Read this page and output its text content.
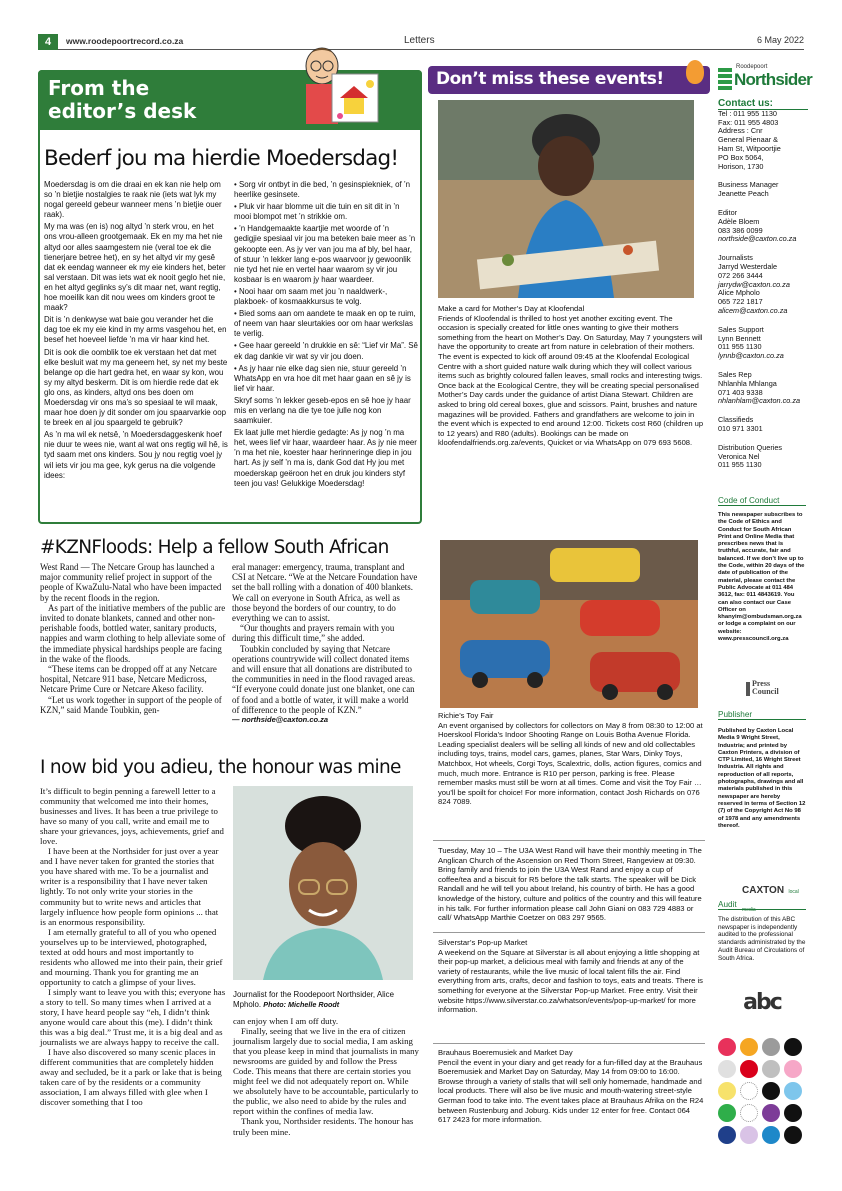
4	www.roodepoortrecord.co.za	Letters	6 May 2022
From the editor’s desk
Bederf jou ma hierdie Moedersdag!

Moedersdag is om die draai en ek kan nie help om so ’n bietjie nostalgies te raak nie (iets wat lyk my nogal gereeld gebeur wanneer mens ’n bietjie ouer raak).

My ma was (en is) nog altyd ’n sterk vrou, en het ons vrou-alleen grootgemaak. Ek en my ma het nie altyd oor alles saamgestem nie (veral toe ek die tienerjare betree het), en sy het altyd vir my gesê dat ek eendag wanneer ek my eie kinders het, beter sal verstaan. Dit was iets wat ek nooit geglo het nie, en het altyd geglinks sy’s dit maar net, want regtig, hoe moeilik kan dit nou wees om kinders groot te maak?

Dit is ’n denkwyse wat baie gou verander het die dag toe ek my eie kind in my arms vasgehou het, en besef het hoeveel liefde ’n ma vir haar kind het.

Dit is ook die oomblik toe ek verstaan het dat met elke besluit wat my ma geneem het, sy net my beste belange op die hart gedra het, en waar sy kon, wou sy my altyd beskerm. Dit is om hierdie rede dat ek glo ons, as kinders, altyd ons bes doen om Moedersdag vir ons ma’s so spesiaal te wil maak, maar hoe doen jy dit sonder om jou spaarvarkie oop te breek en al jou spaargeld te gebruik?

As ’n ma wil ek netsê, ’n Moedersdaggeskenk hoef nie duur te wees nie, want al wat ons regtig wil hê, is tyd saam met ons kinders. Sou jy nou regtig voel jy wil iets vir jou ma gee, kyk gerus na die volgende idees:

• Sorg vir ontbyt in die bed, ’n gesinspiekniek, of ’n heerlike gesinsete.

• Pluk vir haar blomme uit die tuin en sit dit in ’n mooi blompot met ’n strikkie om.

• ’n Handgemaakte kaartjie met woorde of ’n gedigjie spesiaal vir jou ma beteken baie meer as ’n gekoopte een. As jy ver van jou ma af bly, bel haar, of stuur ’n lekker lang e-pos waarvoor jy gewoonlik nie tyd het nie en vertel haar waarom sy vir jou kosbaar is en waarom jy haar waardeer.

• Nooi haar om saam met jou ’n naaldwerk-, plakboek- of kosmaakkursus te volg.

• Bied soms aan om aandete te maak en op te ruim, of neem van haar sleurtakies oor om haar werkslas te verlig.

• Gee haar gereeld ’n drukkie en sê: “Lief vir Ma”. Sê ek dag dankie vir wat sy vir jou doen.

• As jy haar nie elke dag sien nie, stuur gereeld ’n WhatsApp en vra hoe dit met haar gaan en sê jy is lief vir haar.

Skryf soms ’n lekker geseb-epos en sê hoe jy haar mis en verlang na die tye toe julle nog kon saamkuier.

Ek laat julle met hierdie gedagte: As jy nog ’n ma het, wees lief vir haar, waardeer haar. As jy nie meer ’n ma het nie, koester haar herinneringe diep in jou hart. As jy self ’n ma is, dank God dat Hy jou met moederskap geëroon het en druk jou kinders styf teen jou vas! Gelukkige Moedersdag!

#KZNFloods: Help a fellow South African

West Rand — The Netcare Group has launched a major community relief project in support of the people of KwaZulu-Natal who have been impacted by the recent floods in the region.

As part of the initiative members of the public are invited to donate blankets, canned and other non-perishable foods, bottled water, sanitary products, nappies and warm clothing to help alleviate some of the immediate physical hardships people are facing in the wake of the floods.

“These items can be dropped off at any Netcare hospital, Netcare 911 base, Netcare Medicross, Netcare Prime Cure or Netcare Akeso facility.

“Let us work together in support of the people of KZN,” said Mande Toubkin, gen-

eral manager: emergency, trauma, transplant and CSI at Netcare. “We at the Netcare Foundation have set the ball rolling with a donation of 400 blankets. We call on everyone in South Africa, as well as those beyond the borders of our country, to do everything we can to assist.

“Our thoughts and prayers remain with you during this difficult time,” she added.

Toubkin concluded by saying that Netcare operations countrywide will collect donated items and will ensure that all donations are distributed to the communities in need in the flood ravaged areas. “If everyone could donate just one blanket, one can of food and a bottle of water, it will make a world of difference to the people of KZN.”

— northside@caxton.co.za

I now bid you adieu, the honour was mine

It’s difficult to begin penning a farewell letter to a community that welcomed me into their homes, businesses and lives. It has been a true privilege to have so many of you call, write and email me to share your grievances, joys, achievements, grief and love.

I have been at the Northsider for just over a year and I have never taken for granted the stories that you have shared with me. To be a journalist and writer is a responsibility that I have never taken lightly. To not only write your stories in the community but to write news and articles that largely influence how people form opinions ... that is an enormous responsibility.

I am eternally grateful to all of you who opened yourselves up to be interviewed, photographed, texted at odd hours and most importantly to residents who allowed me into their pain, their grief and mourning. Thank you for granting me an opportunity to catch a glimpse of your lives.

I simply want to leave you with this; everyone has a story to tell. So many times when I arrived at a story, I have heard people say “eh, I didn’t think anyone would care about this (me). I didn’t think this was a big deal.” Trust me, it is a big deal and as journalists we are always happy to receive the call.

I have also discovered so many scenic places in different communities that are completely hidden away and secluded, be it a park or lake that is being taken care of by the residents or a community association, I am always filled with glee when I discover something that I too

Journalist for the Roodepoort Northsider, Alice Mpholo. Photo: Michelle Roodt

can enjoy when I am off duty.

Finally, seeing that we live in the era of citizen journalism largely due to social media, I am asking that you please keep in mind that journalists in many newsrooms are guided by and follow the Press Code. This means that there are certain stories you might feel we did not adequately report on. While we absolutely have to be accountable, particularly to the public, we also need to abide by the rules and report within the confines of media law.

Thank you, Northsider residents. The honour has truly been mine.

Don’t miss these events!
Make a card for Mother’s Day at Kloofendal
Friends of Kloofendal is thrilled to host yet another exciting event. The occasion is specially created for little ones wanting to give their mothers something from the heart on Mother’s Day. On Saturday, May 7 youngsters will have the opportunity to create art from nature in celebration of their mothers. The event is expected to kick off around 09:45 at the Kloofendal Ecological Centre with a short guided nature walk during which they will collect various items such as brightly coloured fallen leaves, small rocks and interesting twigs. Once back at the Ecological Centre, they will be creating special personalised Mother’s Day cards under the guidance of artist Diana Stewart. Children are asked to bring old cereal boxes, glue and scissors. Paint, brushes and nature magazines will be provided. Fathers and grandfathers are welcome to join in the event which is expected to end around 12:00. Tickets cost R60 (children up to 12 years) and R80 (adults). Bookings can be made on kloofendalfriends.org.za/events, Quicket or via WhatsApp on 079 693 5608.
Richie’s Toy Fair
An event organised by collectors for collectors on May 8 from 08:30 to 12:00 at Hoerskool Florida’s Indoor Shooting Range on Louis Botha Avenue Florida. Leading specialist dealers will be selling all kinds of new and old collectables including toys, trains, model cars, games, planes, Star Wars, Dinky Toys, Matchbox, Hot wheels, Corgi Toys, Scalextric, dolls, action figures, comics and much, much more. Entrance is R10 per person, parking is free. Please remember masks must still be worn at all times. Come and visit the Toy Fair … you’ll be spoilt for choice! For more information, contact Josh Richards on 076 824 7089.
Tuesday, May 10 – The U3A West Rand will have their monthly meeting in The Anglican Church of the Ascension on Red Thorn Street, Rangeview at 09:30. Bring family and friends to join the U3A West Rand and enjoy a cup of coffee/tea and a biscuit for R5 before the talk starts. The speaker will be Dick Randall and he will tell you about Ireland, his country of birth. He has a good knowledge of the history, culture and politics of the country and this will feature in his talk. For further information please call John Giani on 083 729 4883 or call/ WhatsApp Marthie Coetzer on 083 297 9565.
Silverstar’s Pop-up Market
A weekend on the Square at Silverstar is all about enjoying a little shopping at their pop-up market, a delicious meal with family and friends at any of the variety of restaurants, while the live music of local talent fills the air. Find everything from arts, crafts, decor and fashion to toys, eats and treats. There is something for everyone at the Silverstar Pop-up Market. Free entry. Visit their website https://www.silverstar.co.za/whatson/events/pop-up-market/ for more information.
Brauhaus Boeremusiek and Market Day
Pencil the event in your diary and get ready for a fun-filled day at the Brauhaus Boeremusiek and Market Day on Saturday, May 14 from 09:00 to 16:00. Browse through a variety of stalls that will sell only homemade, handmade and local products. There will also be live music and mouth-watering street-style German food to take into. The event takes place at Brauhaus Afrika on the R24 between Rustenburg and Joburg. Kids under 12 enter for free. Contact 064 617 2423 for more information.
Roodepoort
Northsider
Contact us:
Tel : 011 955 1130
Fax: 011 955 4803
Address : Cnr
General Pienaar &
Ham St, Witpoortjie
PO Box 5064,
Horison, 1730
Business Manager
Jeanette Peach
Editor
Adèle Bloem
083 386 0099
northside@caxton.co.za
Journalists
Jarryd Westerdale
072 266 3444
jarrydw@caxton.co.za
Alice Mpholo
065 722 1817
alicem@caxton.co.za
Sales Support
Lynn Bennett
011 955 1130
lynnb@caxton.co.za
Sales Rep
Nhlanhla Mhlanga
071 403 9338
nhlanhlam@caxton.co.za
Classifieds
010 971 3301
Distribution Queries
Veronica Nel
011 955 1130
Code of Conduct
This newspaper subscribes to the Code of Ethics and Conduct for South African Print and Online Media that prescribes news that is truthful, accurate, fair and balanced. If we don’t live up to the Code, within 20 days of the date of publication of the material, please contact the Public Advocate at 011 484 3612, fax: 011 4843619. You can also contact our Case Officer on khanyim@ombudsman.org.za or lodge a complaint on our website: www.presscouncil.org.za
Press Council
Publisher
Published by Caxton Local Media 9 Wright Street, Industria; and printed by Caxton Printers, a division of CTP Limited, 16 Wright Street Industria. All rights and reproduction of all reports, photographs, drawings and all materials published in this newspaper are hereby reserved in terms of Section 12 (7) of the Copyright Act No 98 of 1978 and any amendments thereof.
CAXTON local media
Audit
The distribution of this ABC newspaper is independently audited to the professional standards administrated by the Audit Bureau of Circulations of South Africa.
abc
